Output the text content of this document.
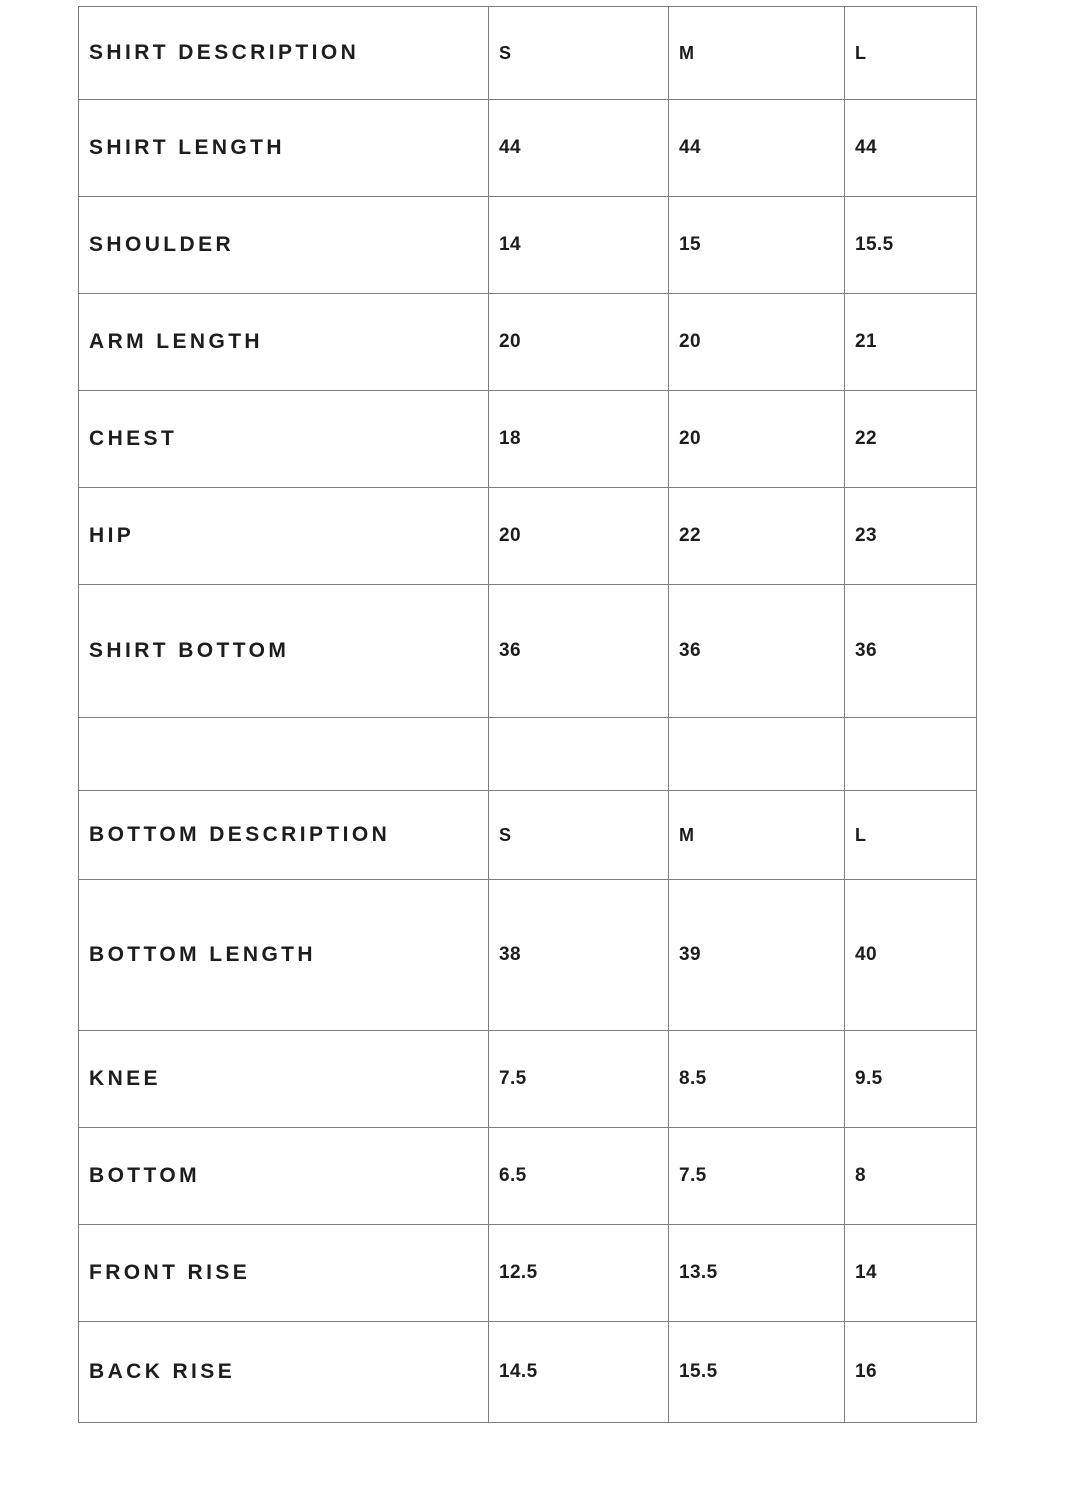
SHIRT DESCRIPTION	S	M	L
SHIRT LENGTH	44	44	44
SHOULDER	14	15	15.5
ARM LENGTH	20	20	21
CHEST	18	20	22
HIP	20	22	23
SHIRT BOTTOM	36	36	36

BOTTOM DESCRIPTION	S	M	L
BOTTOM LENGTH	38	39	40
KNEE	7.5	8.5	9.5
BOTTOM	6.5	7.5	8
FRONT RISE	12.5	13.5	14
BACK RISE	14.5	15.5	16
